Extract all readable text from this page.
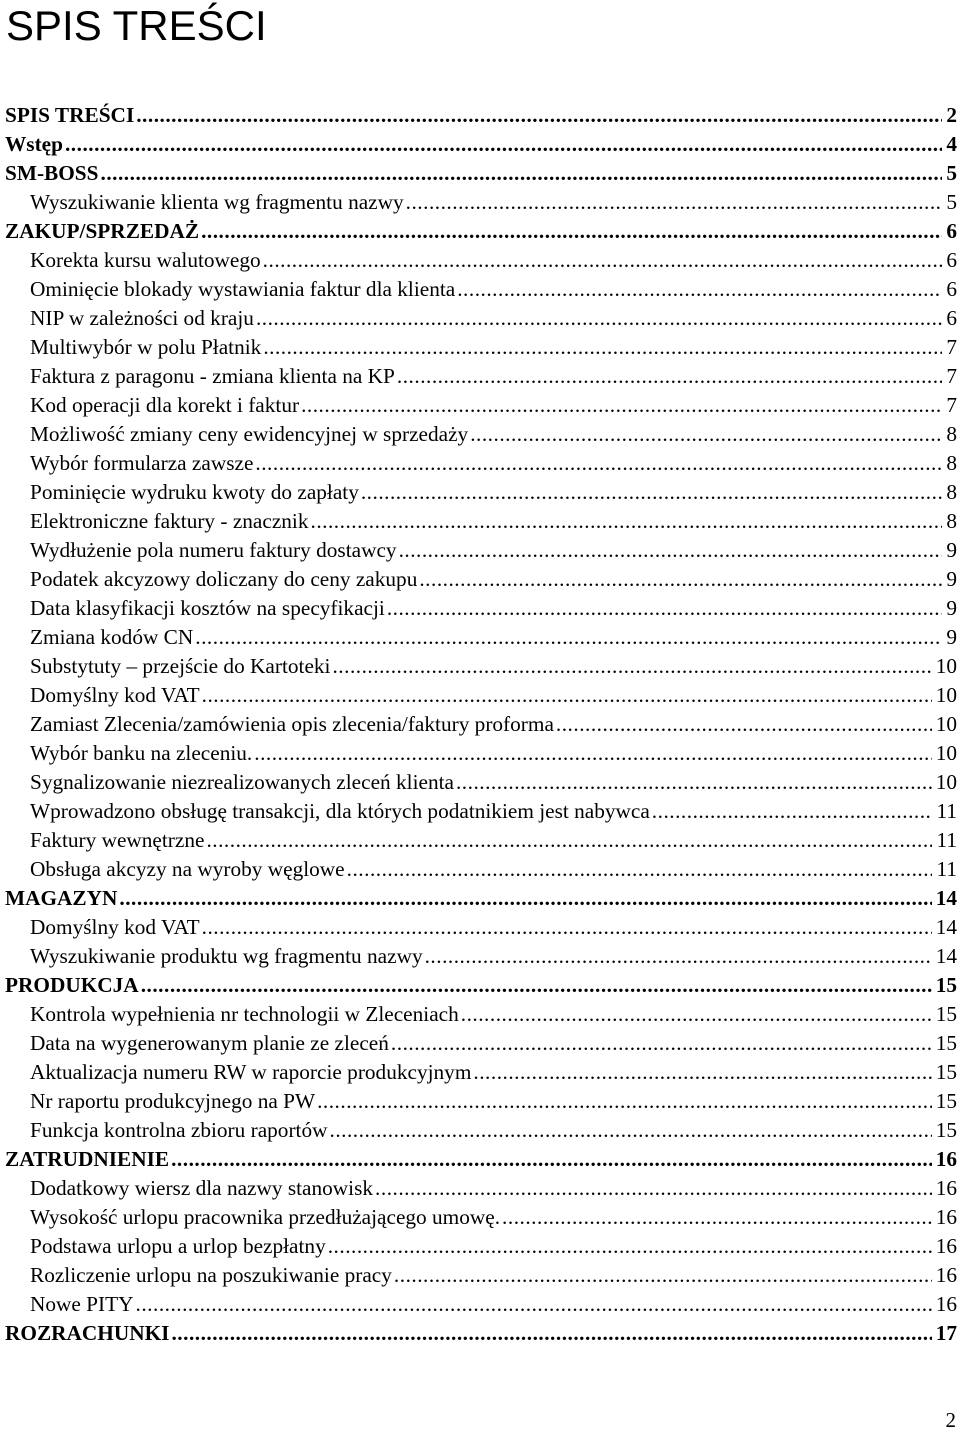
SPIS TREŚCI
SPIS TREŚCI .....	2
Wstęp .....	4
SM-BOSS .....	5
Wyszukiwanie klienta wg fragmentu nazwy .....	5
ZAKUP/SPRZEDAŻ .....	6
Korekta kursu walutowego .....	6
Ominięcie blokady wystawiania faktur dla klienta .....	6
NIP w zależności od kraju .....	6
Multiwybór w polu Płatnik .....	7
Faktura z paragonu - zmiana klienta na KP .....	7
Kod operacji dla korekt i faktur .....	7
Możliwość zmiany ceny ewidencyjnej w sprzedaży .....	8
Wybór formularza zawsze .....	8
Pominięcie wydruku kwoty do zapłaty .....	8
Elektroniczne faktury - znacznik .....	8
Wydłużenie pola numeru faktury dostawcy .....	9
Podatek akcyzowy doliczany do ceny zakupu .....	9
Data klasyfikacji kosztów na specyfikacji .....	9
Zmiana kodów CN .....	9
Substytuty – przejście do Kartoteki .....	10
Domyślny kod VAT .....	10
Zamiast Zlecenia/zamówienia opis zlecenia/faktury proforma .....	10
Wybór banku na zleceniu. .....	10
Sygnalizowanie niezrealizowanych zleceń klienta .....	10
Wprowadzono obsługę transakcji, dla których podatnikiem jest nabywca .....	11
Faktury wewnętrzne .....	11
Obsługa akcyzy na wyroby węglowe .....	11
MAGAZYN .....	14
Domyślny kod VAT .....	14
Wyszukiwanie produktu wg fragmentu nazwy .....	14
PRODUKCJA .....	15
Kontrola wypełnienia nr technologii w Zleceniach .....	15
Data na wygenerowanym planie ze zleceń .....	15
Aktualizacja numeru RW w raporcie produkcyjnym .....	15
Nr raportu produkcyjnego na PW .....	15
Funkcja kontrolna zbioru raportów .....	15
ZATRUDNIENIE .....	16
Dodatkowy wiersz dla nazwy stanowisk .....	16
Wysokość urlopu pracownika przedłużającego umowę. .....	16
Podstawa urlopu a urlop bezpłatny .....	16
Rozliczenie urlopu na poszukiwanie pracy .....	16
Nowe PITY .....	16
ROZRACHUNKI .....	17
2
